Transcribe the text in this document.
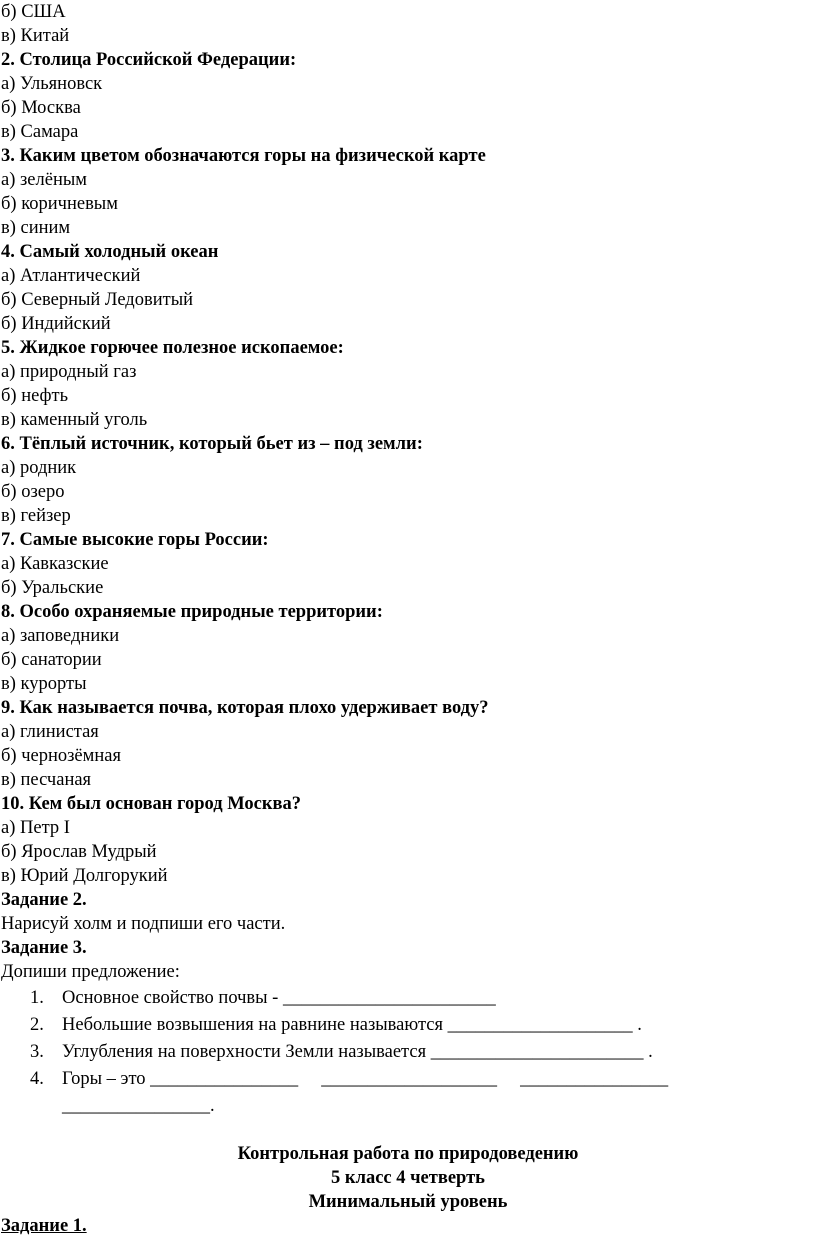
б) США
в) Китай
2. Столица Российской Федерации:
а) Ульяновск
б) Москва
в) Самара
3. Каким цветом обозначаются горы на физической карте
а) зелёным
б) коричневым
в) синим
4. Самый холодный океан
а) Атлантический
б) Северный Ледовитый
б) Индийский
5. Жидкое горючее полезное ископаемое:
а) природный газ
б) нефть
в) каменный уголь
6. Тёплый источник, который бьет из – под земли:
а) родник
б) озеро
в) гейзер
7. Самые высокие горы России:
а) Кавказские
б) Уральские
8. Особо охраняемые природные территории:
а) заповедники
б) санатории
в) курорты
9. Как называется почва, которая плохо удерживает воду?
а) глинистая
б) чернозёмная
в) песчаная
10. Кем был основан город Москва?
а) Петр I
б) Ярослав Мудрый
в) Юрий Долгорукий
Задание 2.
Нарисуй холм и подпиши его части.
Задание 3.
Допиши предложение:
1. Основное свойство почвы - _______________________
2. Небольшие возвышения на равнине называются ____________________ .
3. Углубления на поверхности Земли называется _______________________ .
4. Горы – это ________________     ___________________     ________________
________________.
Контрольная работа по природоведению
5 класс 4 четверть
Минимальный уровень
Задание 1.
